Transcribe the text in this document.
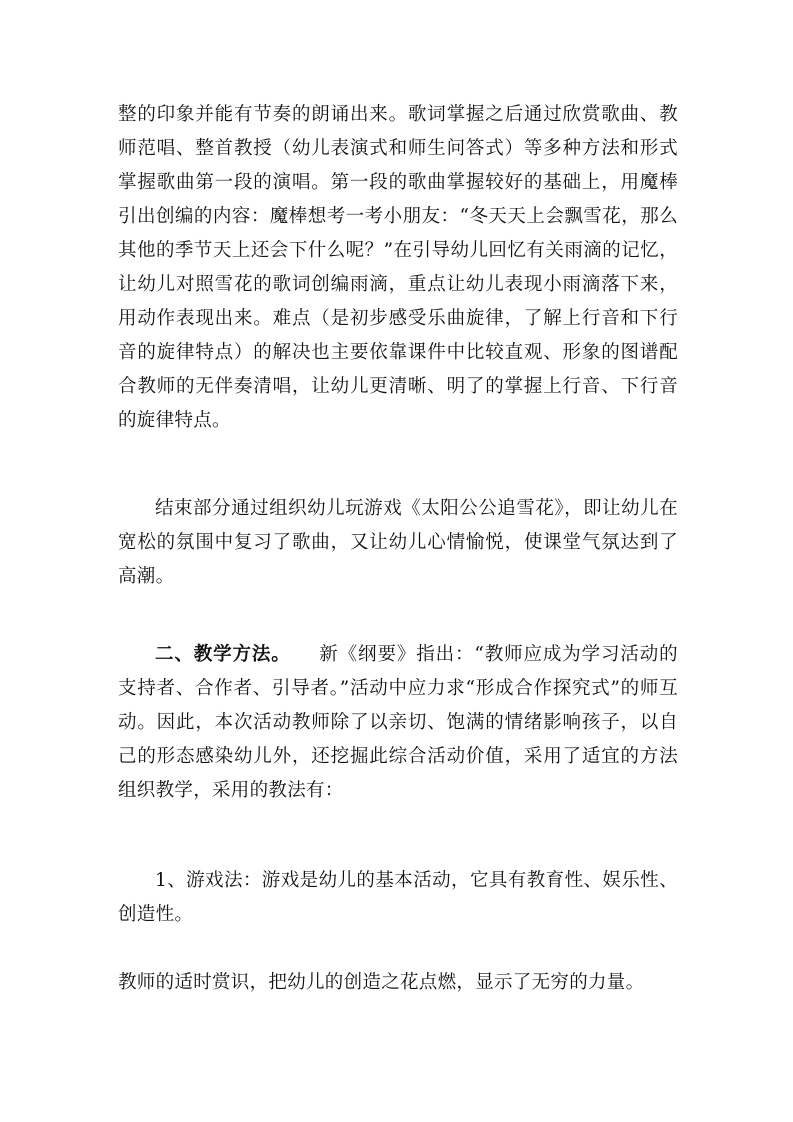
整的印象并能有节奏的朗诵出来。歌词掌握之后通过欣赏歌曲、教师范唱、整首教授（幼儿表演式和师生问答式）等多种方法和形式掌握歌曲第一段的演唱。第一段的歌曲掌握较好的基础上，用魔棒引出创编的内容：魔棒想考一考小朋友：“冬天天上会飘雪花，那么其他的季节天上还会下什么呢？”在引导幼儿回忆有关雨滴的记忆，让幼儿对照雪花的歌词创编雨滴，重点让幼儿表现小雨滴落下来，用动作表现出来。难点（是初步感受乐曲旋律，了解上行音和下行音的旋律特点）的解决也主要依靠课件中比较直观、形象的图谱配合教师的无伴奏清唱，让幼儿更清晰、明了的掌握上行音、下行音的旋律特点。

结束部分通过组织幼儿玩游戏《太阳公公追雪花》，即让幼儿在宽松的氛围中复习了歌曲，又让幼儿心情愉悦，使课堂气氛达到了高潮。

二、教学方法。 新《纲要》指出：“教师应成为学习活动的支持者、合作者、引导者。”活动中应力求“形成合作探究式”的师互动。因此，本次活动教师除了以亲切、饱满的情绪影响孩子，以自己的形态感染幼儿外，还挖掘此综合活动价值，采用了适宜的方法组织教学，采用的教法有：

1、游戏法：游戏是幼儿的基本活动，它具有教育性、娱乐性、创造性。

教师的适时赏识，把幼儿的创造之花点燃，显示了无穷的力量。
